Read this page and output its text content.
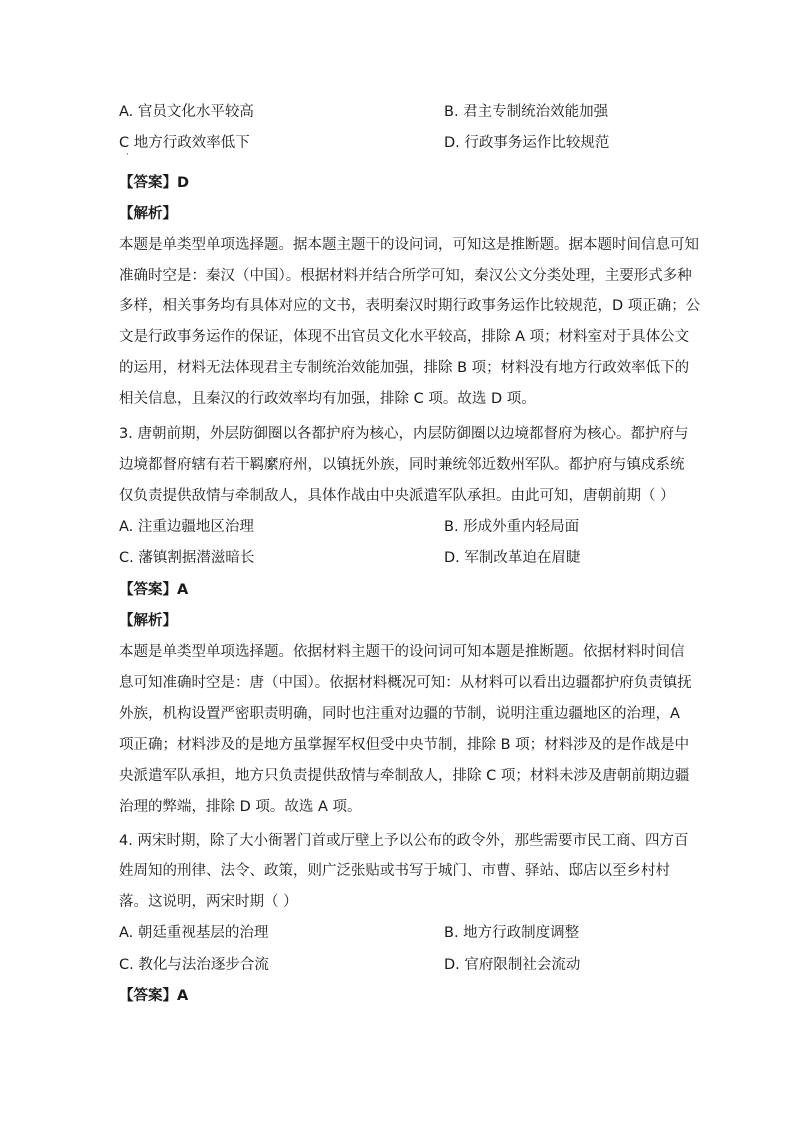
A. 官员文化水平较高	B. 君主专制统治效能加强
C 地方行政效率低下	D. 行政事务运作比较规范
·
【答案】D
【解析】
本题是单类型单项选择题。据本题主题干的设问词，可知这是推断题。据本题时间信息可知
准确时空是：秦汉（中国）。根据材料并结合所学可知，秦汉公文分类处理，主要形式多种
多样，相关事务均有具体对应的文书，表明秦汉时期行政事务运作比较规范，D 项正确；公
文是行政事务运作的保证，体现不出官员文化水平较高，排除 A 项；材料室对于具体公文
的运用，材料无法体现君主专制统治效能加强，排除 B 项；材料没有地方行政效率低下的
相关信息，且秦汉的行政效率均有加强，排除 C 项。故选 D 项。
3. 唐朝前期，外层防御圈以各都护府为核心，内层防御圈以边境都督府为核心。都护府与
边境都督府辖有若干羁縻府州，以镇抚外族，同时兼统邻近数州军队。都护府与镇戍系统
仅负责提供敌情与牵制敌人，具体作战由中央派遣军队承担。由此可知，唐朝前期（ ）
A. 注重边疆地区治理	B. 形成外重内轻局面
C. 藩镇割据潜滋暗长	D. 军制改革迫在眉睫
【答案】A
【解析】
本题是单类型单项选择题。依据材料主题干的设问词可知本题是推断题。依据材料时间信
息可知准确时空是：唐（中国）。依据材料概况可知：从材料可以看出边疆都护府负责镇抚
外族，机构设置严密职责明确，同时也注重对边疆的节制，说明注重边疆地区的治理，A
项正确；材料涉及的是地方虽掌握军权但受中央节制，排除 B 项；材料涉及的是作战是中
央派遣军队承担，地方只负责提供敌情与牵制敌人，排除 C 项；材料未涉及唐朝前期边疆
治理的弊端，排除 D 项。故选 A 项。
4. 两宋时期，除了大小衙署门首或厅壁上予以公布的政令外，那些需要市民工商、四方百
姓周知的刑律、法令、政策，则广泛张贴或书写于城门、市曹、驿站、邸店以至乡村村
落。这说明，两宋时期（ ）
A. 朝廷重视基层的治理	B. 地方行政制度调整
C. 教化与法治逐步合流	D. 官府限制社会流动
【答案】A
